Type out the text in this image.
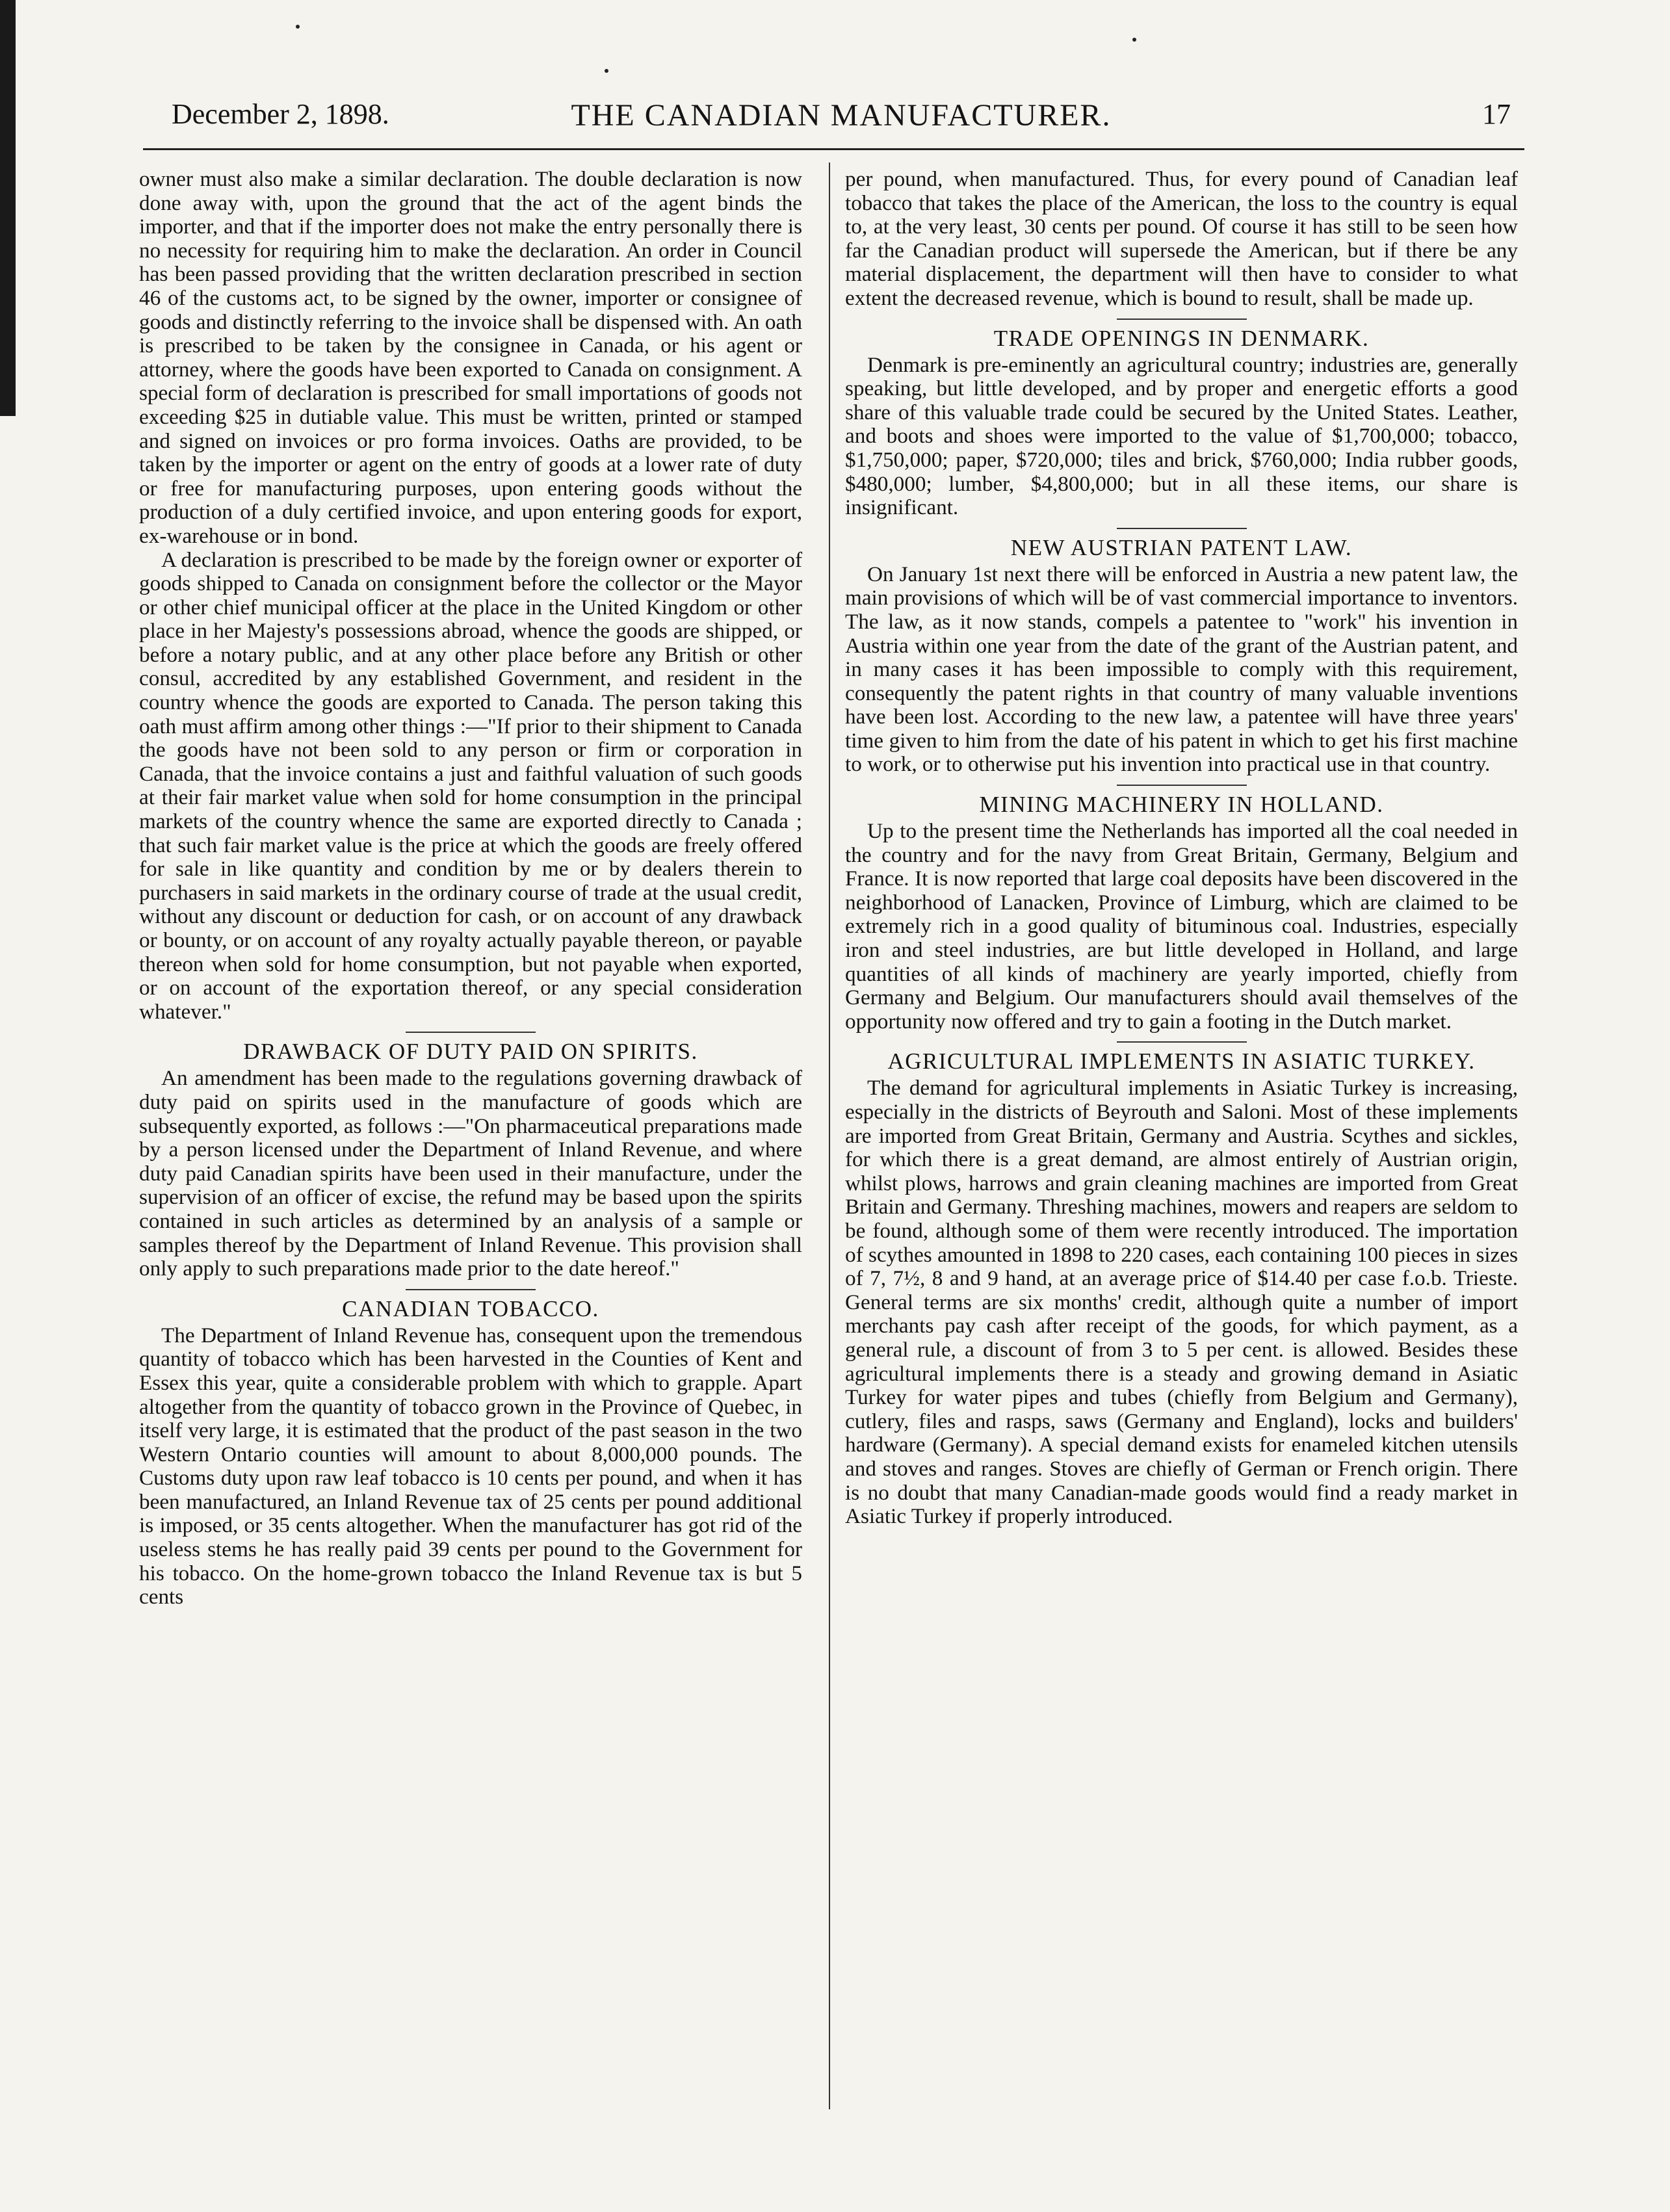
December 2, 1898.	THE CANADIAN MANUFACTURER.	17

owner must also make a similar declaration. The double declaration is now done away with, upon the ground that the act of the agent binds the importer, and that if the importer does not make the entry personally there is no necessity for requiring him to make the declaration. An order in Council has been passed providing that the written declaration prescribed in section 46 of the customs act, to be signed by the owner, importer or consignee of goods and distinctly referring to the invoice shall be dispensed with. An oath is prescribed to be taken by the consignee in Canada, or his agent or attorney, where the goods have been exported to Canada on consignment. A special form of declaration is prescribed for small importations of goods not exceeding $25 in dutiable value. This must be written, printed or stamped and signed on invoices or pro forma invoices. Oaths are provided, to be taken by the importer or agent on the entry of goods at a lower rate of duty or free for manufacturing purposes, upon entering goods without the production of a duly certified invoice, and upon entering goods for export, ex-warehouse or in bond.

A declaration is prescribed to be made by the foreign owner or exporter of goods shipped to Canada on consignment before the collector or the Mayor or other chief municipal officer at the place in the United Kingdom or other place in her Majesty's possessions abroad, whence the goods are shipped, or before a notary public, and at any other place before any British or other consul, accredited by any established Government, and resident in the country whence the goods are exported to Canada. The person taking this oath must affirm among other things :—"If prior to their shipment to Canada the goods have not been sold to any person or firm or corporation in Canada, that the invoice contains a just and faithful valuation of such goods at their fair market value when sold for home consumption in the principal markets of the country whence the same are exported directly to Canada ; that such fair market value is the price at which the goods are freely offered for sale in like quantity and condition by me or by dealers therein to purchasers in said markets in the ordinary course of trade at the usual credit, without any discount or deduction for cash, or on account of any drawback or bounty, or on account of any royalty actually payable thereon, or payable thereon when sold for home consumption, but not payable when exported, or on account of the exportation thereof, or any special consideration whatever."

DRAWBACK OF DUTY PAID ON SPIRITS.

An amendment has been made to the regulations governing drawback of duty paid on spirits used in the manufacture of goods which are subsequently exported, as follows :—"On pharmaceutical preparations made by a person licensed under the Department of Inland Revenue, and where duty paid Canadian spirits have been used in their manufacture, under the supervision of an officer of excise, the refund may be based upon the spirits contained in such articles as determined by an analysis of a sample or samples thereof by the Department of Inland Revenue. This provision shall only apply to such preparations made prior to the date hereof."

CANADIAN TOBACCO.

The Department of Inland Revenue has, consequent upon the tremendous quantity of tobacco which has been harvested in the Counties of Kent and Essex this year, quite a considerable problem with which to grapple. Apart altogether from the quantity of tobacco grown in the Province of Quebec, in itself very large, it is estimated that the product of the past season in the two Western Ontario counties will amount to about 8,000,000 pounds. The Customs duty upon raw leaf tobacco is 10 cents per pound, and when it has been manufactured, an Inland Revenue tax of 25 cents per pound additional is imposed, or 35 cents altogether. When the manufacturer has got rid of the useless stems he has really paid 39 cents per pound to the Government for his tobacco. On the home-grown tobacco the Inland Revenue tax is but 5 cents

per pound, when manufactured. Thus, for every pound of Canadian leaf tobacco that takes the place of the American, the loss to the country is equal to, at the very least, 30 cents per pound. Of course it has still to be seen how far the Canadian product will supersede the American, but if there be any material displacement, the department will then have to consider to what extent the decreased revenue, which is bound to result, shall be made up.

TRADE OPENINGS IN DENMARK.

Denmark is pre-eminently an agricultural country; industries are, generally speaking, but little developed, and by proper and energetic efforts a good share of this valuable trade could be secured by the United States. Leather, and boots and shoes were imported to the value of $1,700,000; tobacco, $1,750,000; paper, $720,000; tiles and brick, $760,000; India rubber goods, $480,000; lumber, $4,800,000; but in all these items, our share is insignificant.

NEW AUSTRIAN PATENT LAW.

On January 1st next there will be enforced in Austria a new patent law, the main provisions of which will be of vast commercial importance to inventors. The law, as it now stands, compels a patentee to "work" his invention in Austria within one year from the date of the grant of the Austrian patent, and in many cases it has been impossible to comply with this requirement, consequently the patent rights in that country of many valuable inventions have been lost. According to the new law, a patentee will have three years' time given to him from the date of his patent in which to get his first machine to work, or to otherwise put his invention into practical use in that country.

MINING MACHINERY IN HOLLAND.

Up to the present time the Netherlands has imported all the coal needed in the country and for the navy from Great Britain, Germany, Belgium and France. It is now reported that large coal deposits have been discovered in the neighborhood of Lanacken, Province of Limburg, which are claimed to be extremely rich in a good quality of bituminous coal. Industries, especially iron and steel industries, are but little developed in Holland, and large quantities of all kinds of machinery are yearly imported, chiefly from Germany and Belgium. Our manufacturers should avail themselves of the opportunity now offered and try to gain a footing in the Dutch market.

AGRICULTURAL IMPLEMENTS IN ASIATIC TURKEY.

The demand for agricultural implements in Asiatic Turkey is increasing, especially in the districts of Beyrouth and Saloni. Most of these implements are imported from Great Britain, Germany and Austria. Scythes and sickles, for which there is a great demand, are almost entirely of Austrian origin, whilst plows, harrows and grain cleaning machines are imported from Great Britain and Germany. Threshing machines, mowers and reapers are seldom to be found, although some of them were recently introduced. The importation of scythes amounted in 1898 to 220 cases, each containing 100 pieces in sizes of 7, 7½, 8 and 9 hand, at an average price of $14.40 per case f.o.b. Trieste. General terms are six months' credit, although quite a number of import merchants pay cash after receipt of the goods, for which payment, as a general rule, a discount of from 3 to 5 per cent. is allowed. Besides these agricultural implements there is a steady and growing demand in Asiatic Turkey for water pipes and tubes (chiefly from Belgium and Germany), cutlery, files and rasps, saws (Germany and England), locks and builders' hardware (Germany). A special demand exists for enameled kitchen utensils and stoves and ranges. Stoves are chiefly of German or French origin. There is no doubt that many Canadian-made goods would find a ready market in Asiatic Turkey if properly introduced.
